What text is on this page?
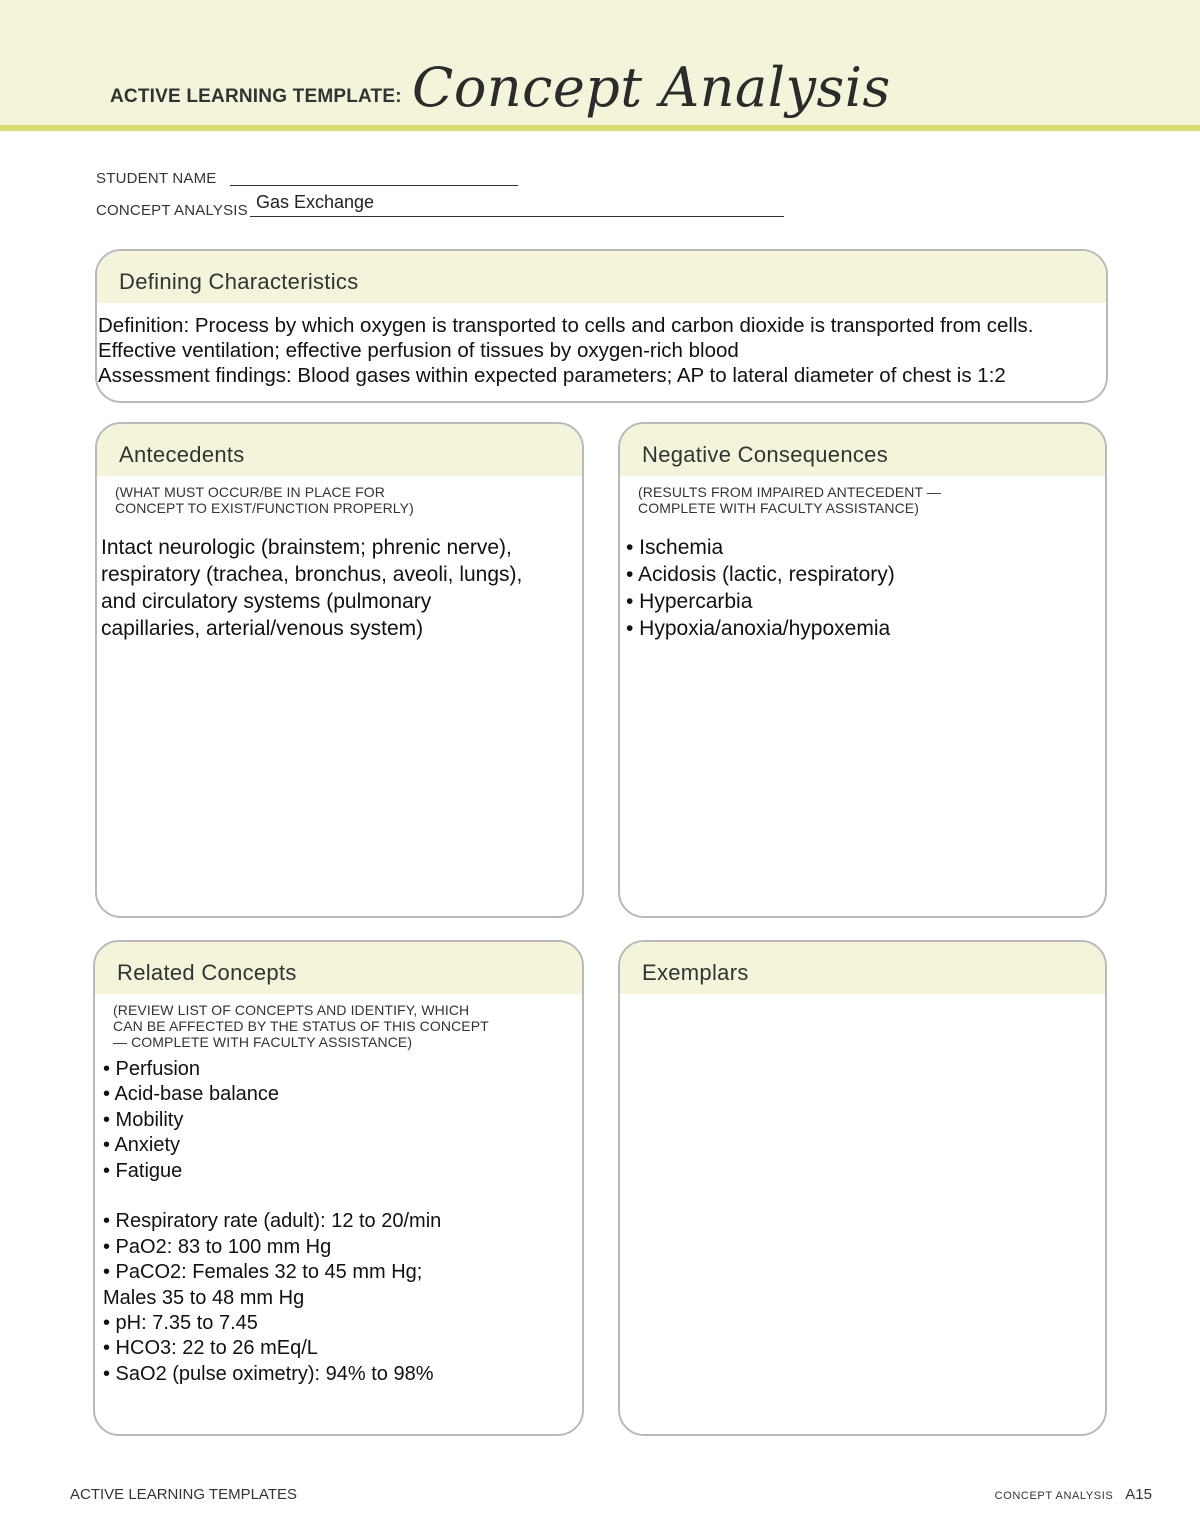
ACTIVE LEARNING TEMPLATE: Concept Analysis
STUDENT NAME
CONCEPT ANALYSIS Gas Exchange
Defining Characteristics
Definition: Process by which oxygen is transported to cells and carbon dioxide is transported from cells.
Effective ventilation; effective perfusion of tissues by oxygen-rich blood
Assessment findings: Blood gases within expected parameters; AP to lateral diameter of chest is 1:2
Antecedents
(WHAT MUST OCCUR/BE IN PLACE FOR
CONCEPT TO EXIST/FUNCTION PROPERLY)
Intact neurologic (brainstem; phrenic nerve),
respiratory (trachea, bronchus, aveoli, lungs),
and circulatory systems (pulmonary
capillaries, arterial/venous system)
Negative Consequences
(RESULTS FROM IMPAIRED ANTECEDENT —
COMPLETE WITH FACULTY ASSISTANCE)
• Ischemia
• Acidosis (lactic, respiratory)
• Hypercarbia
• Hypoxia/anoxia/hypoxemia
Related Concepts
(REVIEW LIST OF CONCEPTS AND IDENTIFY, WHICH
CAN BE AFFECTED BY THE STATUS OF THIS CONCEPT
— COMPLETE WITH FACULTY ASSISTANCE)
• Perfusion
• Acid-base balance
• Mobility
• Anxiety
• Fatigue
• Respiratory rate (adult): 12 to 20/min
• PaO2: 83 to 100 mm Hg
• PaCO2: Females 32 to 45 mm Hg;
Males 35 to 48 mm Hg
• pH: 7.35 to 7.45
• HCO3: 22 to 26 mEq/L
• SaO2 (pulse oximetry): 94% to 98%
Exemplars
ACTIVE LEARNING TEMPLATES	CONCEPT ANALYSIS A15
